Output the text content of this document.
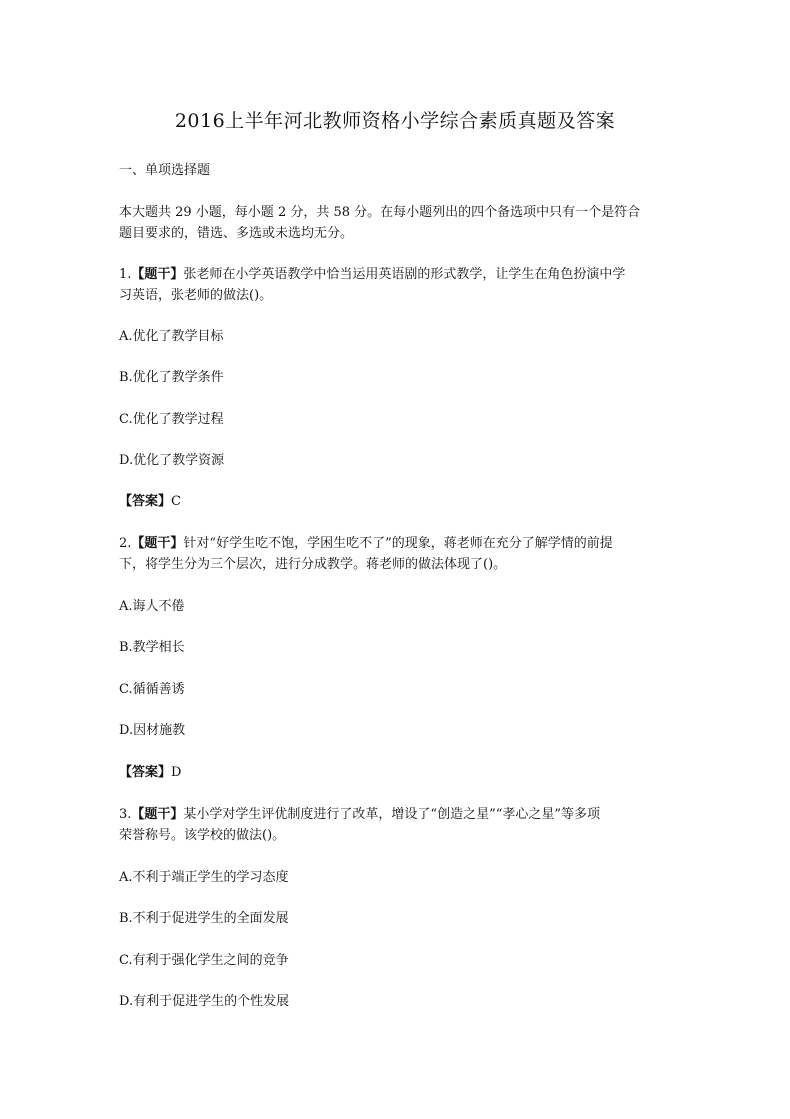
2016上半年河北教师资格小学综合素质真题及答案
一、单项选择题
本大题共 29 小题，每小题 2 分，共 58 分。在每小题列出的四个备选项中只有一个是符合
题目要求的，错选、多选或未选均无分。
1.【题干】张老师在小学英语教学中恰当运用英语剧的形式教学，让学生在角色扮演中学
习英语，张老师的做法()。
A.优化了教学目标
B.优化了教学条件
C.优化了教学过程
D.优化了教学资源
【答案】C
2.【题干】针对“好学生吃不饱，学困生吃不了”的现象，蒋老师在充分了解学情的前提
下，将学生分为三个层次，进行分成教学。蒋老师的做法体现了()。
A.诲人不倦
B.教学相长
C.循循善诱
D.因材施教
【答案】D
3.【题干】某小学对学生评优制度进行了改革，增设了“创造之星”“孝心之星”等多项
荣誉称号。该学校的做法()。
A.不利于端正学生的学习态度
B.不利于促进学生的全面发展
C.有利于强化学生之间的竞争
D.有利于促进学生的个性发展
